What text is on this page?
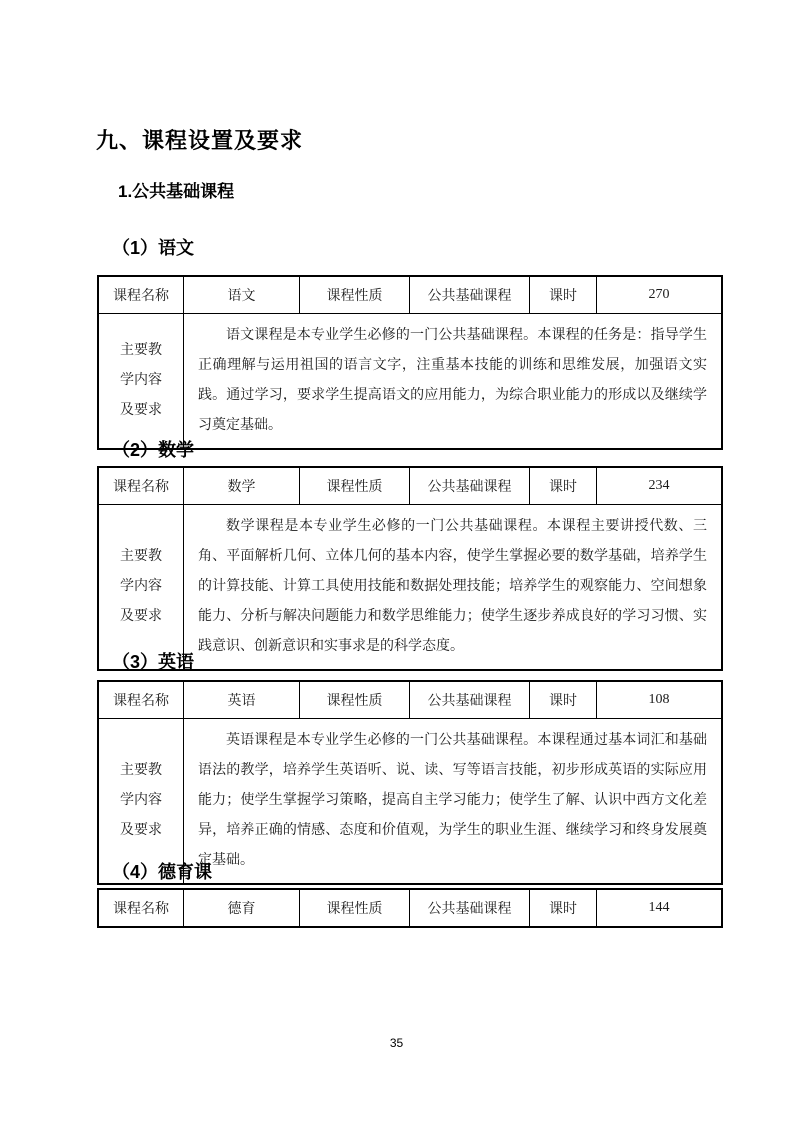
九、课程设置及要求
1.公共基础课程
（1）语文
课程名称	语文	课程性质	公共基础课程	课时	270

主要教
学内容
及要求	语文课程是本专业学生必修的一门公共基础课程。本课程的任务是：指导学生正确理解与运用祖国的语言文字，注重基本技能的训练和思维发展，加强语文实践。通过学习，要求学生提高语文的应用能力，为综合职业能力的形成以及继续学习奠定基础。				

（2）数学
课程名称	数学	课程性质	公共基础课程	课时	234

主要教
学内容
及要求	数学课程是本专业学生必修的一门公共基础课程。本课程主要讲授代数、三角、平面解析几何、立体几何的基本内容，使学生掌握必要的数学基础，培养学生的计算技能、计算工具使用技能和数据处理技能；培养学生的观察能力、空间想象能力、分析与解决问题能力和数学思维能力；使学生逐步养成良好的学习习惯、实践意识、创新意识和实事求是的科学态度。				

（3）英语
课程名称	英语	课程性质	公共基础课程	课时	108

主要教
学内容
及要求	英语课程是本专业学生必修的一门公共基础课程。本课程通过基本词汇和基础语法的教学，培养学生英语听、说、读、写等语言技能，初步形成英语的实际应用能力；使学生掌握学习策略，提高自主学习能力；使学生了解、认识中西方文化差异，培养正确的情感、态度和价值观，为学生的职业生涯、继续学习和终身发展奠定基础。				

（4）德育课
课程名称	德育	课程性质	公共基础课程	课时	144
35
